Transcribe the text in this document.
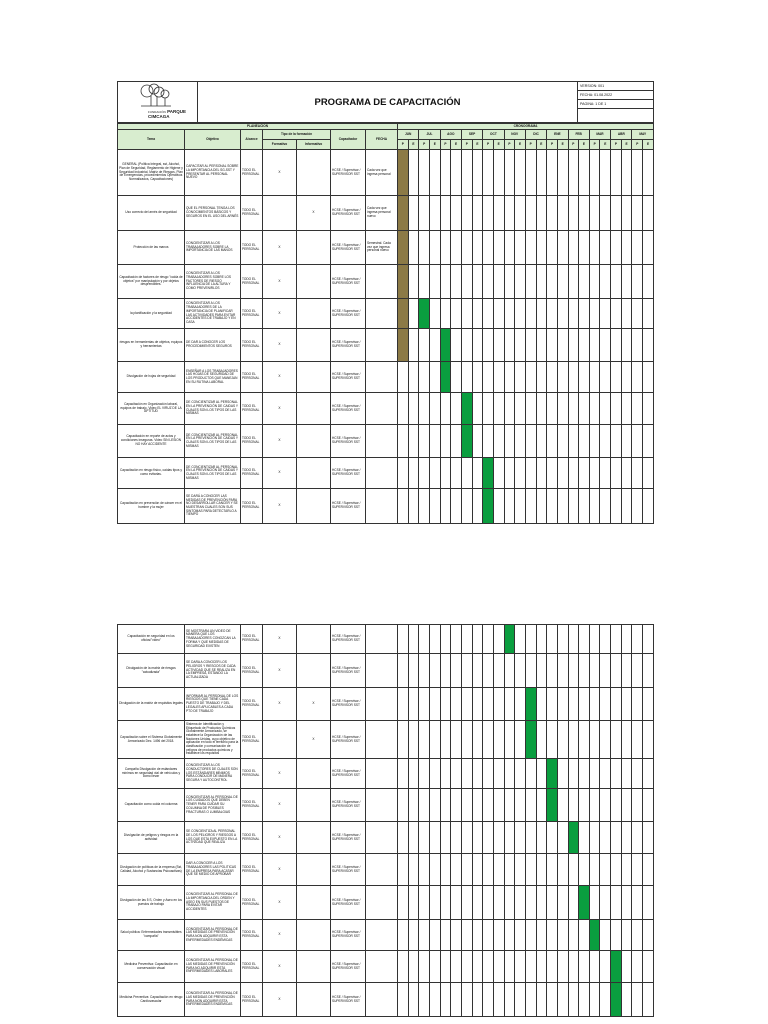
FUNDACIÓN PARQUE CIMCAGA
	PROGRAMA DE CAPACITACIÓN	VERSION: 001
FECHA: 01.08.2022
PAGINA: 1 DE 1

PLANEACION							CRONOGRAMA																							
Tema	Objetivo	Alcance	Tipo de la formación		Capacitador	FECHA	JUN		JUL		AGO		SEP		OCT		NOV		DIC		ENE		FEB		MAR		ABR		MAY	
			Formativo	Informativo			P	E	P	E	P	E	P	E	P	E	P	E	P	E	P	E	P	E	P	E	P	E	P	E
GENERAL (Política Integral, sst, Alcohol, Plan de Seguridad, Reglamento de Higiene y Seguridad Industrial, Matriz de Riesgos, Plan de Emergencias, procedimientos Operativos Normalizados, Capacitaciones)	CAPACITAR AL PERSONAL SOBRE LA IMPORTANCIA DEL SG-SST Y PRESENTAR AL PERSONAL NUEVO	TODO EL PERSONAL	X		HCSE / Supervisor / SUPERVISOR SST	Cada vez que ingresa personal																								
Uso correcto del arnés de seguridad	QUE EL PERSONAL TENGA LOS CONOCIMIENTOS BÁSICOS Y SEGUROS EN EL USO DEL ARNÉS	TODO EL PERSONAL		X	HCSE / Supervisor / SUPERVISOR SST	Cada vez que ingresa personal nuevo																								
Protección de las manos	CONCIENTIZAR A LOS TRABAJADORES SOBRE LA IMPORTANCIA DE LAS MANOS	TODO EL PERSONAL	X		HCSE / Supervisor / SUPERVISOR SST	Semestral. Cada vez que ingresa personal nuevo																								
Capacitación de factores de riesgo "caída de objetos" por manipulación y por objetos desprendibles.	CONCIENTIZAR A LOS TRABAJADORES SOBRE LOS FACTORES DE RIESGO INFLUENCIA DE LA ALTURA Y COMO PREVENIRLOS	TODO EL PERSONAL	X		HCSE / Supervisor / SUPERVISOR SST																									
la planificación y la seguridad	CONCIENTIZAR A LOS TRABAJADORES DE LA IMPORTANCIA DE PLANIFICAR LAS ACTIVIDADES PARA EVITAR ACCIDENTES DE TRABAJO Y EN CASA	TODO EL PERSONAL	X		HCSE / Supervisor / SUPERVISOR SST																									
riesgos en herramientas de objetos, equipos y herramientas	DE DAR A CONOCER LOS PROCEDIMIENTOS SEGUROS	TODO EL PERSONAL	X		HCSE / Supervisor / SUPERVISOR SST																									
Divulgación de hojas de seguridad	ENSEÑAR A LOS TRABAJADORES LAS HOJAS DE SEGURIDAD DE LOS PRODUCTOS QUE MANEJAN EN SU RUTINA LABORAL	TODO EL PERSONAL	X		HCSE / Supervisor / SUPERVISOR SST																									
Capacitación en Organización laboral, equipos de trabajo. Video EL VIRUZ DE LA APTITUD	DE CONCIENTIZAR AL PERSONAL EN LA PREVENCIÓN DE CAIDAS Y CUALES SON LOS TIPOS DE LAS MISMAS	TODO EL PERSONAL	X		HCSE / Supervisor / SUPERVISOR SST																									
Capacitación en reporte de actos y condiciones inseguras. Video SIN LESION NO HAY ACCIDENTE	DE CONCIENTIZAR AL PERSONAL EN LA PREVENCIÓN DE CAIDAS Y CUALES SON LOS TIPOS DE LAS MISMAS	TODO EL PERSONAL	X		HCSE / Supervisor / SUPERVISOR SST																									
Capacitación en riesgo físico, caídas tipos y como evitarlas.	DE CONCIENTIZAR AL PERSONAL EN LA PREVENCIÓN DE CAIDAS Y CUALES SON LOS TIPOS DE LAS MISMAS	TODO EL PERSONAL	X		HCSE / Supervisor / SUPERVISOR SST																									
Capacitación en prevención de cáncer en el hombre y la mujer	SE DARÁ A CONOCER LAS MEDIDAS DE PREVENCIÓN PARA NO DESARROLLAR CANCER Y SE MUESTRAN CUALES SON SUS SINTOMAS PARA DETECTARLO A TIEMPO	TODO EL PERSONAL	X		HCSE / Supervisor / SUPERVISOR SST																									
Capacitación en seguridad en los oficios/"video"	SE MOSTRARA UN VIDEO DE MANERA QUE LOS TRABAJADORES CONOZCAN LA FORMA Y QUE MEDIDAS DE SEGURIDAD EXISTEN	TODO EL PERSONAL	X		HCSE / Supervisor / SUPERVISOR SST																									
Divulgación de la matriz de riesgos "actualizada"	SE DARA A CONOCER LOS PELIGROS Y RIESGOS DE CADA ACTIVIDAD QUE SE REALIZA EN LA EMPRESA, ESTANDO LA ACTUALIZADA	TODO EL PERSONAL	X		HCSE / Supervisor / SUPERVISOR SST																									
Divulgación de la matriz de requisitos legales	INFORMAR AL PERSONAL DE LOS RIESGOS QUE TIENE CADA PUESTO DE TRABAJO Y DEL LEGALES APLICABLES A CADA PTO DE TRABAJO	TODO EL PERSONAL	X	X	HCSE / Supervisor / SUPERVISOR SST																									
Capacitación sobre el Sistema Globalmente Armonizado Dec. 1496 del 2018.	Sistema de Identificación y Etiquetado de Productos Químicos Globalmente Armonizado, se establece la Organización de las Naciones Unidas, cuyo objetivo de aplicación en todo el territorio para la clasificación y comunicación de peligros de productos químicos y establece los requisitos	TODO EL PERSONAL		X	HCSE / Supervisor / SUPERVISOR SST																									
Campaña Divulgación de estándares mínimos en seguridad vial de vehículos y como llevar	CONCIENTIZAR A LOS CONDUCTORES DE CUALES SON LOS ESTÁNDARES MÍNIMOS PARA CONDUCIR DE MANERA SEGURA Y AUTOCONTROL	TODO EL PERSONAL	X		HCSE / Supervisor / SUPERVISOR SST																									
Capacitación como cuida mi columna	CONCIENTIZAR AL PERSONAL DE LOS CUIDADOS QUE DEBEN TENER PARA CUIDAR SU COLUMNA DE POSIBLES FRACTURAS O LUMBALGIAS	TODO EL PERSONAL	X		HCSE / Supervisor / SUPERVISOR SST																									
Divulgación de peligros y riesgos en la actividad	SE CONCIENTIZA AL PERSONAL DE LOS PELIGROS Y RIESGOS A LOS QUE ESTA EXPUESTO EN LA ACTIVIDAD QUE REALIZA	TODO EL PERSONAL	X		HCSE / Supervisor / SUPERVISOR SST																									
Divulgación de políticas de la empresa (Sst, Calidad, Alcohol y Sustancias Psicoactivas)	DAR A CONOCER A LOS TRABAJADORES LAS POLITICAS DE LA EMPRESA PARA ACATAR QUE SE MEDIO DE APROBAR	TODO EL PERSONAL	X		HCSE / Supervisor / SUPERVISOR SST																									
Divulgación de las 5 S, Orden y Aseo en los puestos de trabajo	CONCIENTIZAR AL PERSONAL DE LA IMPORTANCIA DEL ORDEN Y ASEO EN SUS PUESTOS DE TRABAJO PARA EVITAR ACCIDENTES	TODO EL PERSONAL	X		HCSE / Supervisor / SUPERVISOR SST																									
Salud pública: Enfermedades transmisibles "campaña"	CONCIENTIZAR AL PERSONAL DE LAS MEDIDAS DE PREVENCIÓN PARA NON ADQUIRIR ESTA ENFERMEDADES ENDÉMICAS	TODO EL PERSONAL	X		HCSE / Supervisor / SUPERVISOR SST																									
Medicina Preventiva: Capacitación en conservación visual	CONCIENTIZAR AL PERSONAL DE LAS MEDIDAS DE PREVENCIÓN PARA NO ADQUIRIR ESTA ENFERMEDADES LABORALES	TODO EL PERSONAL	X		HCSE / Supervisor / SUPERVISOR SST																									
Medicina Preventiva: Capacitación en riesgo Cardiovascular	CONCIENTIZAR AL PERSONAL DE LAS MEDIDAS DE PREVENCIÓN PARA NON ADQUIRIR ESTA ENFERMEDADES ENDÉMICAS	TODO EL PERSONAL	X		HCSE / Supervisor / SUPERVISOR SST																									
